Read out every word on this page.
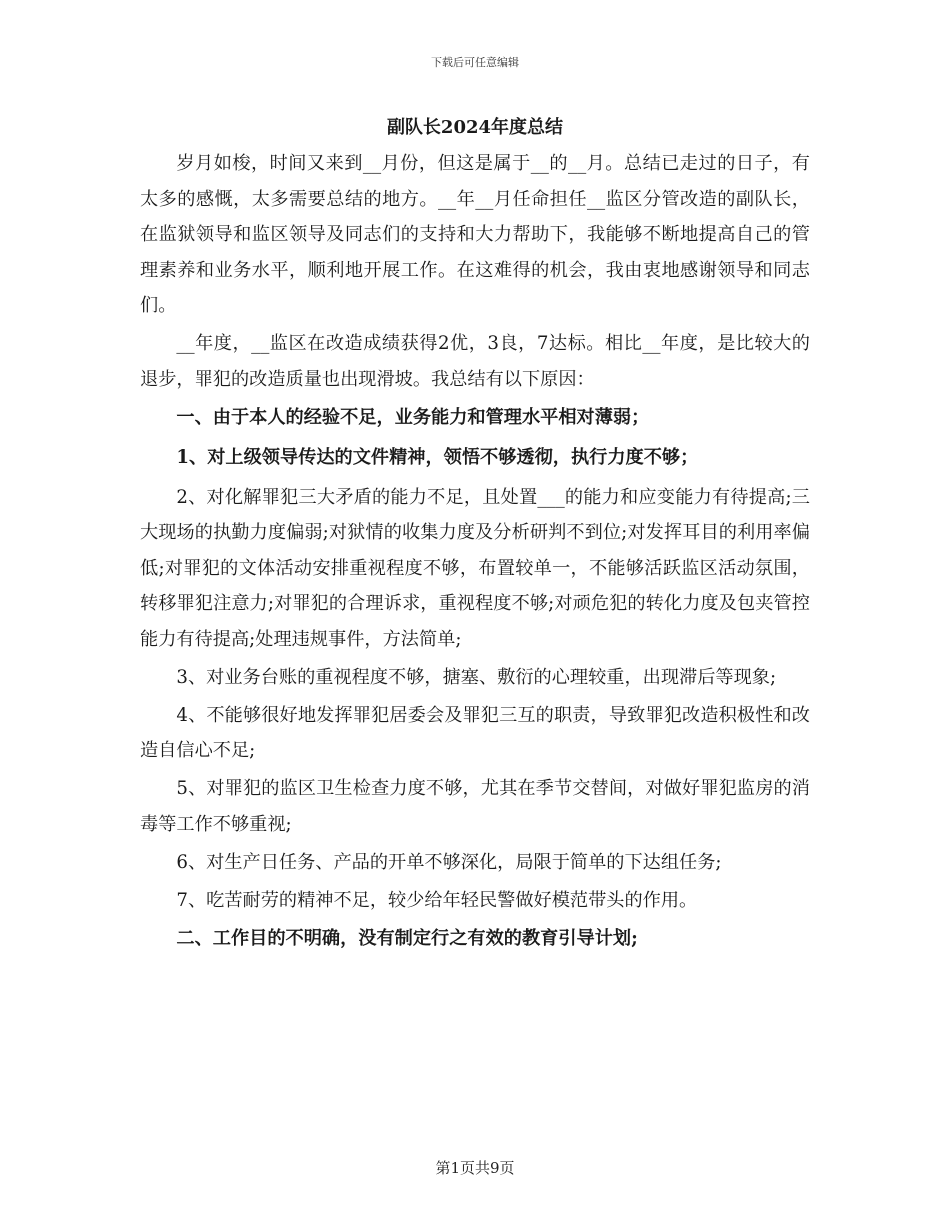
下载后可任意编辑
副队长2024年度总结
岁月如梭，时间又来到__月份，但这是属于__的__月。总结已走过的日子，有太多的感慨，太多需要总结的地方。__年__月任命担任__监区分管改造的副队长，在监狱领导和监区领导及同志们的支持和大力帮助下，我能够不断地提高自己的管理素养和业务水平，顺利地开展工作。在这难得的机会，我由衷地感谢领导和同志们。
__年度，__监区在改造成绩获得2优，3良，7达标。相比__年度，是比较大的退步，罪犯的改造质量也出现滑坡。我总结有以下原因：
一、由于本人的经验不足，业务能力和管理水平相对薄弱；
1、对上级领导传达的文件精神，领悟不够透彻，执行力度不够；
2、对化解罪犯三大矛盾的能力不足，且处置___的能力和应变能力有待提高;三大现场的执勤力度偏弱;对狱情的收集力度及分析研判不到位;对发挥耳目的利用率偏低;对罪犯的文体活动安排重视程度不够，布置较单一，不能够活跃监区活动氛围，转移罪犯注意力;对罪犯的合理诉求，重视程度不够;对顽危犯的转化力度及包夹管控能力有待提高;处理违规事件，方法简单;
3、对业务台账的重视程度不够，搪塞、敷衍的心理较重，出现滞后等现象;
4、不能够很好地发挥罪犯居委会及罪犯三互的职责，导致罪犯改造积极性和改造自信心不足;
5、对罪犯的监区卫生检查力度不够，尤其在季节交替间，对做好罪犯监房的消毒等工作不够重视;
6、对生产日任务、产品的开单不够深化，局限于简单的下达组任务;
7、吃苦耐劳的精神不足，较少给年轻民警做好模范带头的作用。
二、工作目的不明确，没有制定行之有效的教育引导计划;
第1页共9页
